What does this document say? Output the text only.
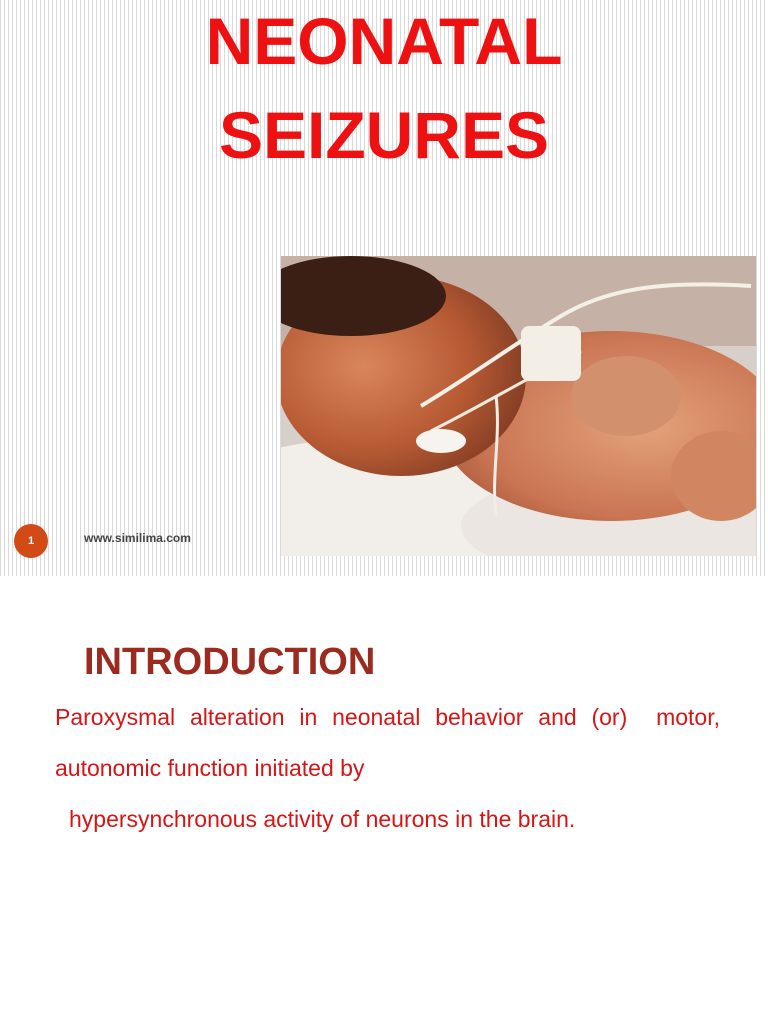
NEONATAL
SEIZURES
1	www.similima.com
INTRODUCTION

Paroxysmal alteration in neonatal behavior and (or) motor, autonomic function initiated by
hypersynchronous activity of neurons in the brain.
